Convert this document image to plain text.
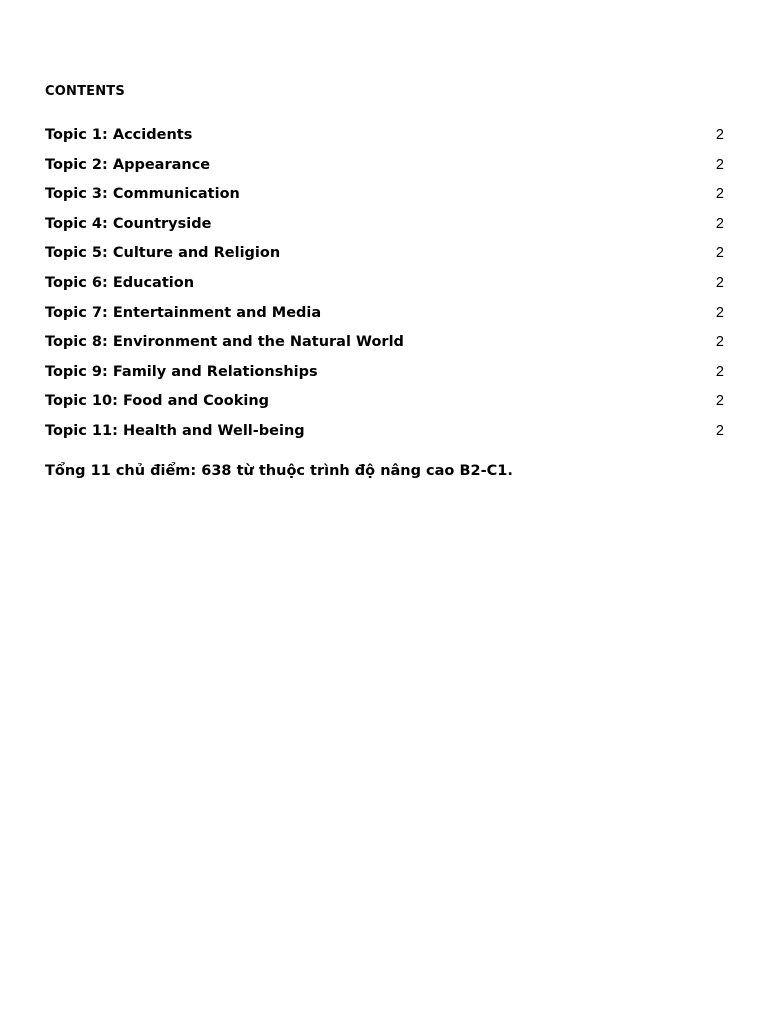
CONTENTS
Topic 1: Accidents	2
Topic 2: Appearance	2
Topic 3: Communication	2
Topic 4: Countryside	2
Topic 5: Culture and Religion	2
Topic 6: Education	2
Topic 7: Entertainment and Media	2
Topic 8: Environment and the Natural World	2
Topic 9: Family and Relationships	2
Topic 10: Food and Cooking	2
Topic 11: Health and Well-being	2
Tổng 11 chủ điểm: 638 từ thuộc trình độ nâng cao B2-C1.
